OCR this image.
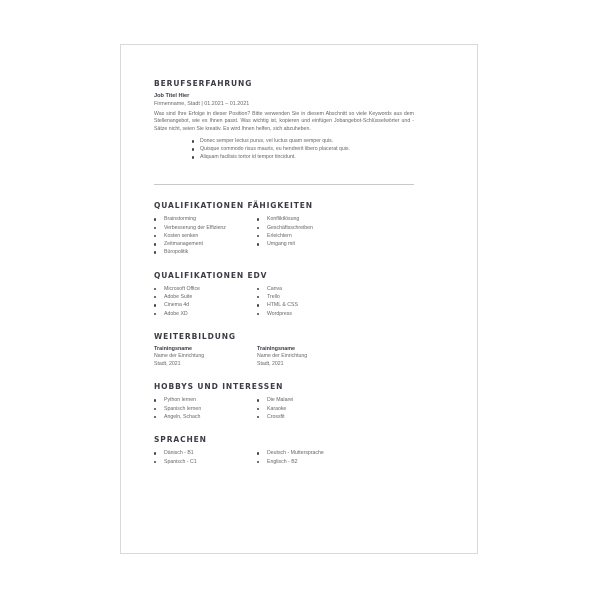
BERUFSERFAHRUNG
Job Titel Hier
Firmenname, Stadt | 01.2021 – 01.2021

Was sind Ihre Erfolge in dieser Position? Bitte verwenden Sie in diesem Abschnitt so viele Keywords aus dem Stellenangebot, wie es Ihnen passt. Was wichtig ist, kopieren und einfügen Jobangebot-Schlüsselwörter und - Sätze nicht, seien Sie kreativ. Es wird Ihnen helfen, sich abzuheben.

Donec semper lectus purus, vel luctus quam semper quis.
Quisque commodo risus mauris, eu hendrerit libero placerat quis.
Aliquam facilisis tortor id tempor tincidunt.
QUALIFIKATIONEN FÄHIGKEITEN
Brainstorming
Verbesserung der Effizienz
Kosten senken
Zeitmanagement
Büropolitik
Konfliktlösung
Geschäftsschreiben
Erleichtern
Umgang mit
QUALIFIKATIONEN EDV
Microsoft Office
Adobe Suite
Cinema 4d
Adobe XD
Canva
Trello
HTML & CSS
Wordpress
WEITERBILDUNG
Trainingsname
Name der Einrichtung
Stadt, 2021
Trainingsname
Name der Einrichtung
Stadt, 2021
HOBBYS UND INTERESSEN
Python lernen
Spanisch lernen
Angeln, Schach
Die Malarei
Karaoke
Crossfit
SPRACHEN
Dänisch - B1
Spanisch - C1
Deutsch - Muttersprache
Englisch - B2
